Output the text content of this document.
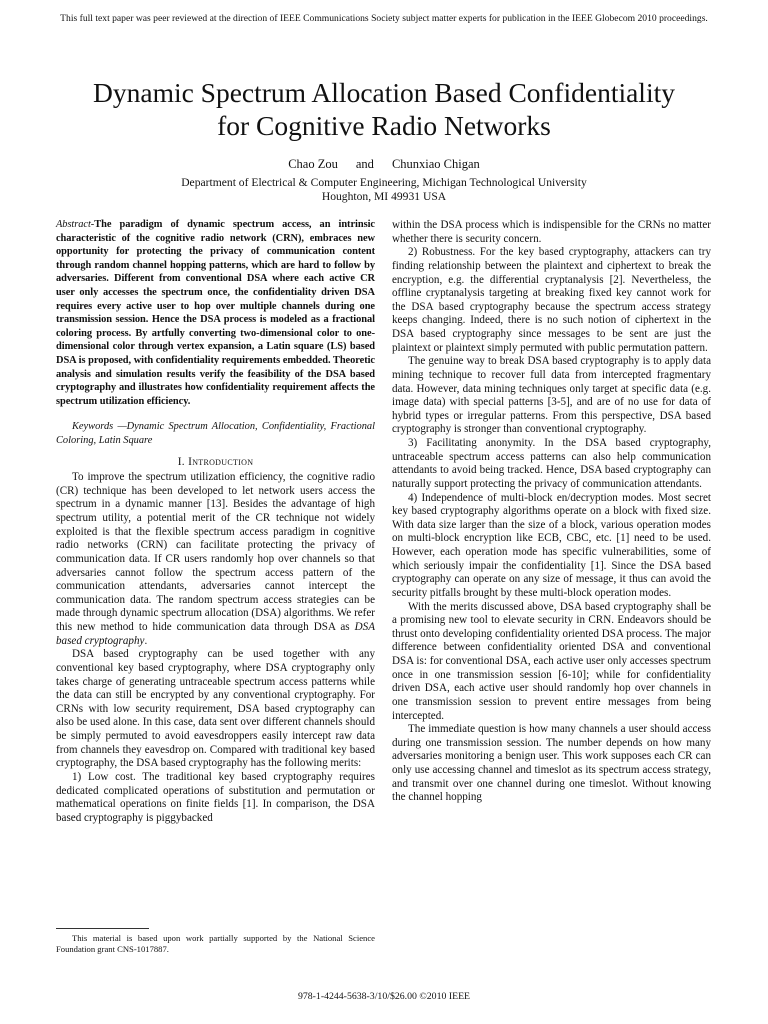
This full text paper was peer reviewed at the direction of IEEE Communications Society subject matter experts for publication in the IEEE Globecom 2010 proceedings.
Dynamic Spectrum Allocation Based Confidentiality
for Cognitive Radio Networks
Chao Zou and Chunxiao Chigan
Department of Electrical & Computer Engineering, Michigan Technological University
Houghton, MI 49931 USA

Abstract-The paradigm of dynamic spectrum access, an intrinsic characteristic of the cognitive radio network (CRN), embraces new opportunity for protecting the privacy of communication content through random channel hopping patterns, which are hard to follow by adversaries. Different from conventional DSA where each active CR user only accesses the spectrum once, the confidentiality driven DSA requires every active user to hop over multiple channels during one transmission session. Hence the DSA process is modeled as a fractional coloring process. By artfully converting two-dimensional color to one-dimensional color through vertex expansion, a Latin square (LS) based DSA is proposed, with confidentiality requirements embedded. Theoretic analysis and simulation results verify the feasibility of the DSA based cryptography and illustrates how confidentiality requirement affects the spectrum utilization efficiency.

Keywords —Dynamic Spectrum Allocation, Confidentiality, Fractional Coloring, Latin Square

I. Introduction

To improve the spectrum utilization efficiency, the cognitive radio (CR) technique has been developed to let network users access the spectrum in a dynamic manner [13]. Besides the advantage of high spectrum utility, a potential merit of the CR technique not widely exploited is that the flexible spectrum access paradigm in cognitive radio networks (CRN) can facilitate protecting the privacy of communication data. If CR users randomly hop over channels so that adversaries cannot follow the spectrum access pattern of the communication attendants, adversaries cannot intercept the communication data. The random spectrum access strategies can be made through dynamic spectrum allocation (DSA) algorithms. We refer this new method to hide communication data through DSA as DSA based cryptography.

DSA based cryptography can be used together with any conventional key based cryptography, where DSA cryptography only takes charge of generating untraceable spectrum access patterns while the data can still be encrypted by any conventional cryptography. For CRNs with low security requirement, DSA based cryptography can also be used alone. In this case, data sent over different channels should be simply permuted to avoid eavesdroppers easily intercept raw data from channels they eavesdrop on. Compared with traditional key based cryptography, the DSA based cryptography has the following merits:

1) Low cost. The traditional key based cryptography requires dedicated complicated operations of substitution and permutation or mathematical operations on finite fields [1]. In comparison, the DSA based cryptography is piggybacked

within the DSA process which is indispensible for the CRNs no matter whether there is security concern.

2) Robustness. For the key based cryptography, attackers can try finding relationship between the plaintext and ciphertext to break the encryption, e.g. the differential cryptanalysis [2]. Nevertheless, the offline cryptanalysis targeting at breaking fixed key cannot work for the DSA based cryptography because the spectrum access strategy keeps changing. Indeed, there is no such notion of ciphertext in the DSA based cryptography since messages to be sent are just the plaintext or plaintext simply permuted with public permutation pattern.

The genuine way to break DSA based cryptography is to apply data mining technique to recover full data from intercepted fragmentary data. However, data mining techniques only target at specific data (e.g. image data) with special patterns [3-5], and are of no use for data of hybrid types or irregular patterns. From this perspective, DSA based cryptography is stronger than conventional cryptography.

3) Facilitating anonymity. In the DSA based cryptography, untraceable spectrum access patterns can also help communication attendants to avoid being tracked. Hence, DSA based cryptography can naturally support protecting the privacy of communication attendants.

4) Independence of multi-block en/decryption modes. Most secret key based cryptography algorithms operate on a block with fixed size. With data size larger than the size of a block, various operation modes on multi-block encryption like ECB, CBC, etc. [1] need to be used. However, each operation mode has specific vulnerabilities, some of which seriously impair the confidentiality [1]. Since the DSA based cryptography can operate on any size of message, it thus can avoid the security pitfalls brought by these multi-block operation modes.

With the merits discussed above, DSA based cryptography shall be a promising new tool to elevate security in CRN. Endeavors should be thrust onto developing confidentiality oriented DSA process. The major difference between confidentiality oriented DSA and conventional DSA is: for conventional DSA, each active user only accesses spectrum once in one transmission session [6-10]; while for confidentiality driven DSA, each active user should randomly hop over channels in one transmission session to prevent entire messages from being intercepted.

The immediate question is how many channels a user should access during one transmission session. The number depends on how many adversaries monitoring a benign user. This work supposes each CR can only use accessing channel and timeslot as its spectrum access strategy, and transmit over one channel during one timeslot. Without knowing the channel hopping

This material is based upon work partially supported by the National Science Foundation grant CNS-1017887.

978-1-4244-5638-3/10/$26.00 ©2010 IEEE
